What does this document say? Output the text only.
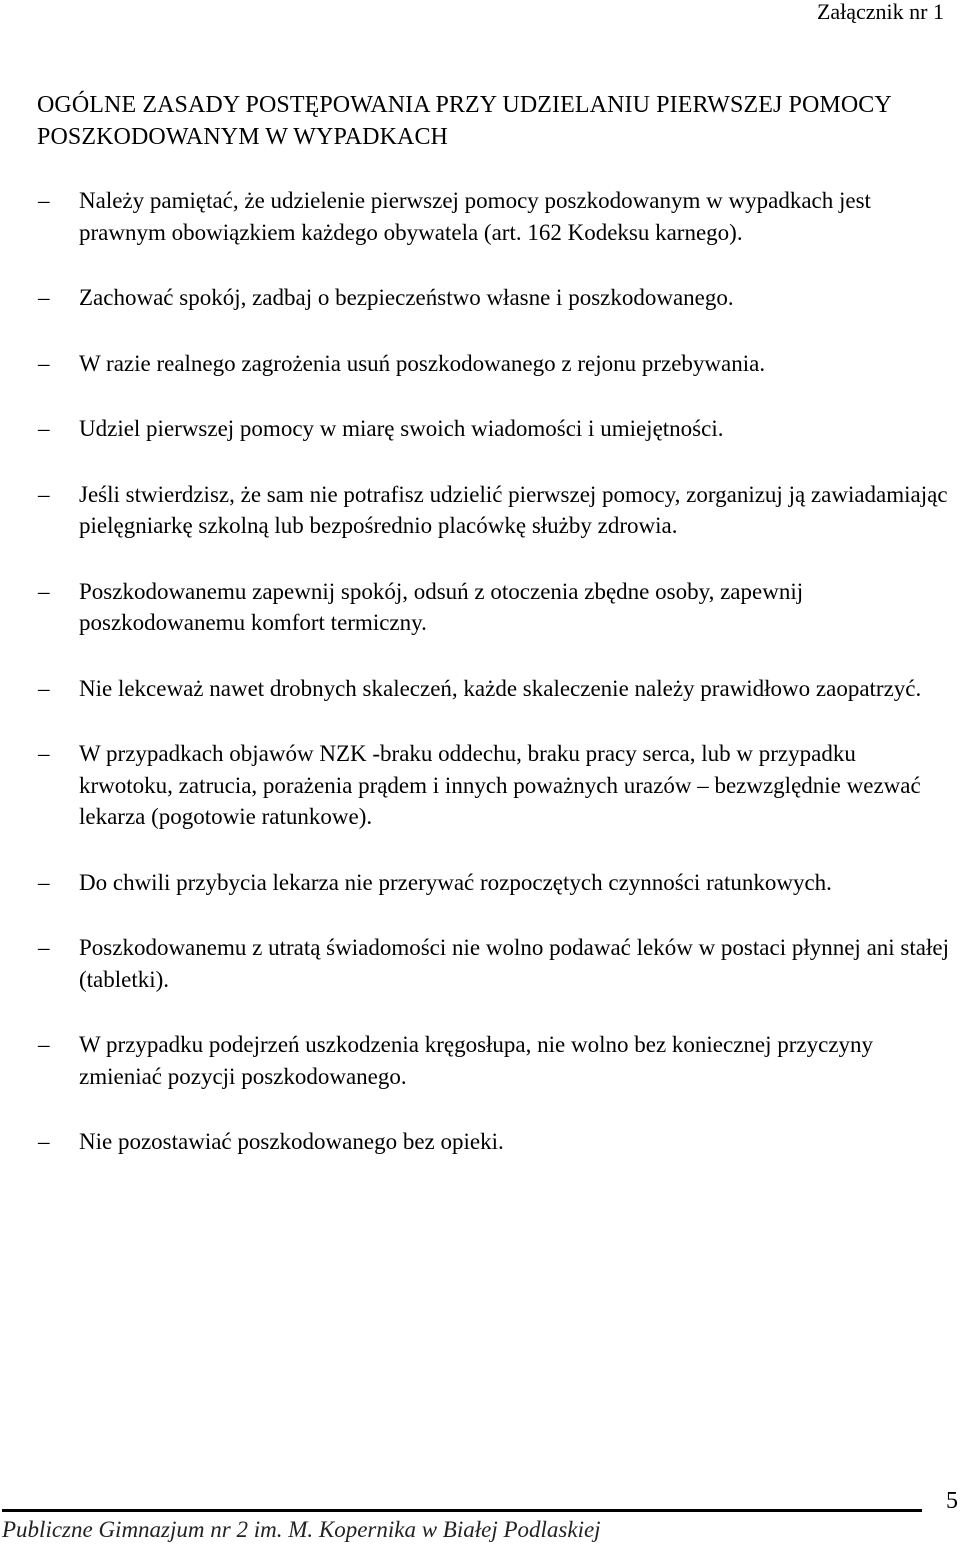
Załącznik nr 1
OGÓLNE ZASADY POSTĘPOWANIA PRZY UDZIELANIU PIERWSZEJ POMOCY POSZKODOWANYM W WYPADKACH
– Należy pamiętać, że udzielenie pierwszej pomocy poszkodowanym w wypadkach jest prawnym obowiązkiem każdego obywatela (art. 162 Kodeksu karnego).
– Zachować spokój, zadbaj o bezpieczeństwo własne i poszkodowanego.
– W razie realnego zagrożenia usuń poszkodowanego z rejonu przebywania.
– Udziel pierwszej pomocy w miarę swoich wiadomości i umiejętności.
– Jeśli stwierdzisz, że sam nie potrafisz udzielić pierwszej pomocy, zorganizuj ją zawiadamiając pielęgniarkę szkolną lub bezpośrednio placówkę służby zdrowia.
– Poszkodowanemu zapewnij spokój, odsuń z otoczenia zbędne osoby, zapewnij poszkodowanemu komfort termiczny.
– Nie lekceważ nawet drobnych skaleczeń, każde skaleczenie należy prawidłowo zaopatrzyć.
– W przypadkach objawów NZK -braku oddechu, braku pracy serca, lub w przypadku krwotoku, zatrucia, porażenia prądem i innych poważnych urazów – bezwzględnie wezwać lekarza (pogotowie ratunkowe).
– Do chwili przybycia lekarza nie przerywać rozpoczętych czynności ratunkowych.
– Poszkodowanemu z utratą świadomości nie wolno podawać leków w postaci płynnej ani stałej (tabletki).
– W przypadku podejrzeń uszkodzenia kręgosłupa, nie wolno bez koniecznej przyczyny zmieniać pozycji poszkodowanego.
– Nie pozostawiać poszkodowanego bez opieki.
5
Publiczne Gimnazjum nr 2 im. M. Kopernika w Białej Podlaskiej
